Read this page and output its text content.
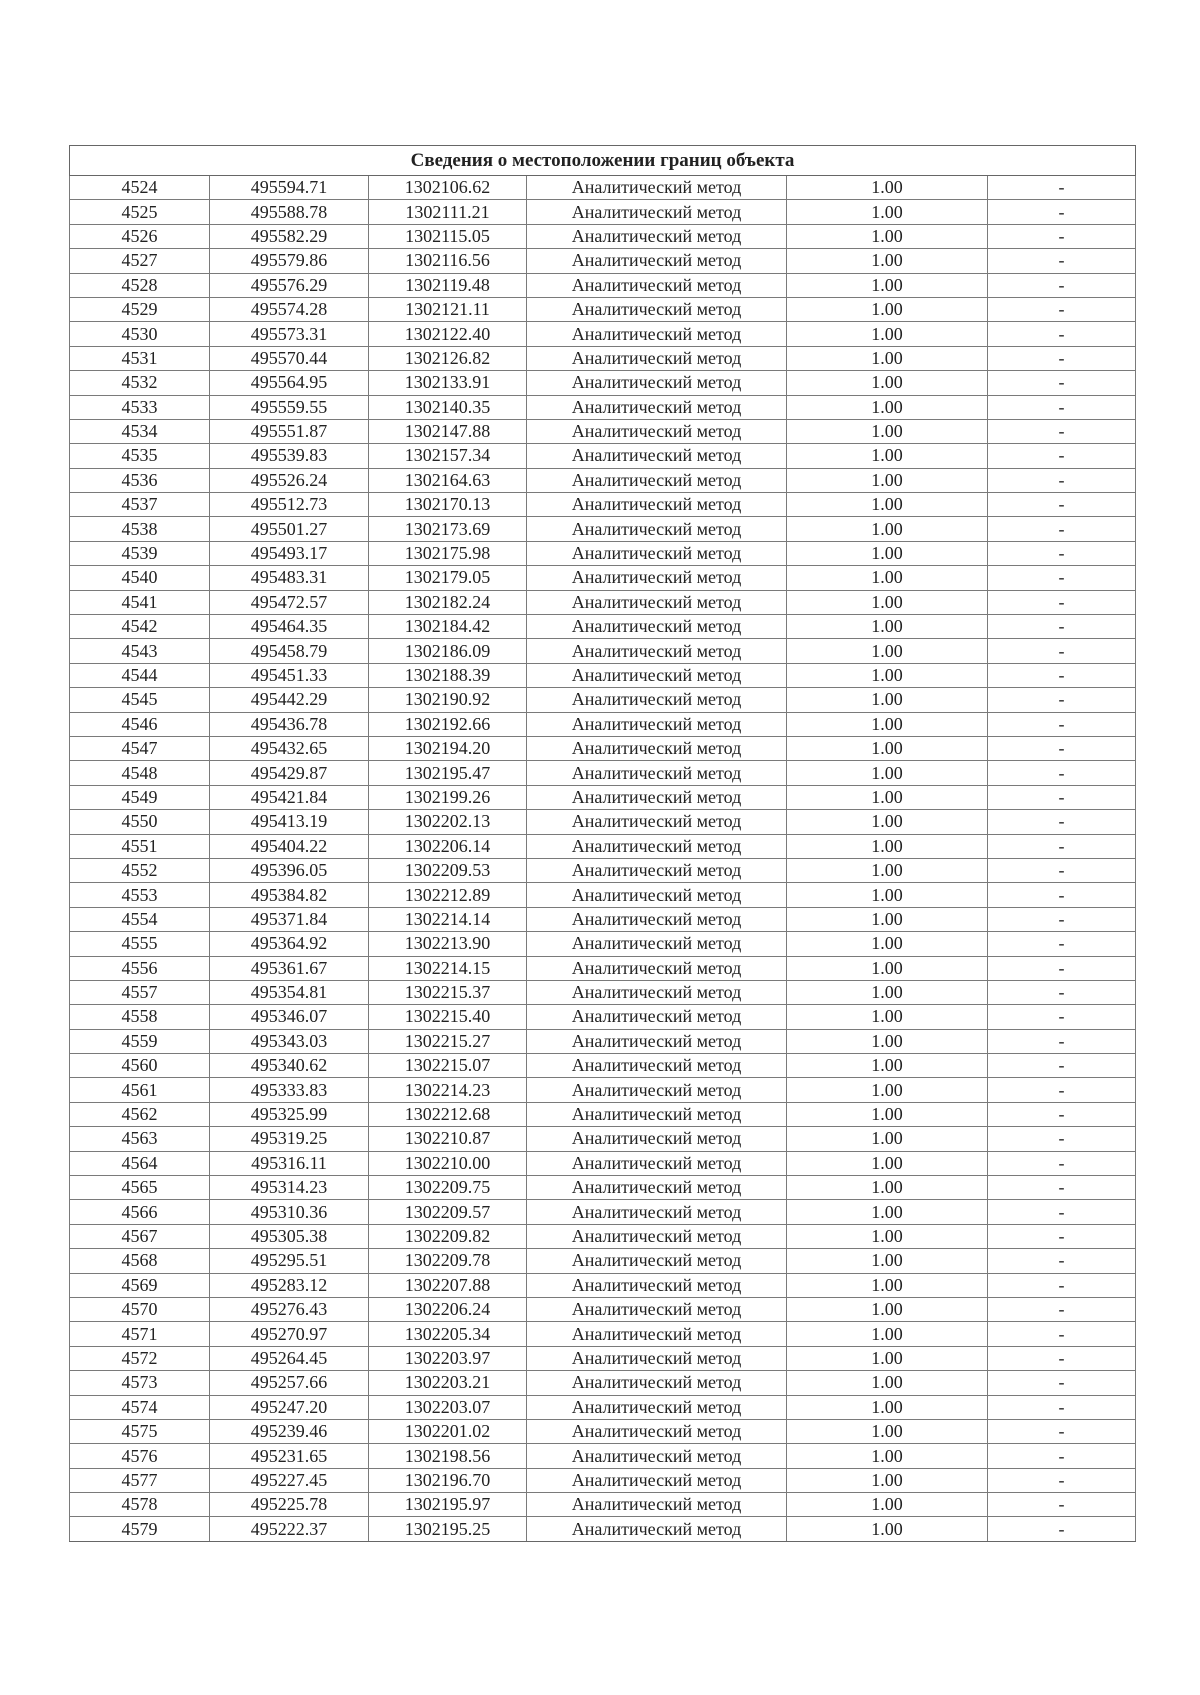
Сведения о местоположении границ объекта					
4524	495594.71	1302106.62	Аналитический метод	1.00	-
4525	495588.78	1302111.21	Аналитический метод	1.00	-
4526	495582.29	1302115.05	Аналитический метод	1.00	-
4527	495579.86	1302116.56	Аналитический метод	1.00	-
4528	495576.29	1302119.48	Аналитический метод	1.00	-
4529	495574.28	1302121.11	Аналитический метод	1.00	-
4530	495573.31	1302122.40	Аналитический метод	1.00	-
4531	495570.44	1302126.82	Аналитический метод	1.00	-
4532	495564.95	1302133.91	Аналитический метод	1.00	-
4533	495559.55	1302140.35	Аналитический метод	1.00	-
4534	495551.87	1302147.88	Аналитический метод	1.00	-
4535	495539.83	1302157.34	Аналитический метод	1.00	-
4536	495526.24	1302164.63	Аналитический метод	1.00	-
4537	495512.73	1302170.13	Аналитический метод	1.00	-
4538	495501.27	1302173.69	Аналитический метод	1.00	-
4539	495493.17	1302175.98	Аналитический метод	1.00	-
4540	495483.31	1302179.05	Аналитический метод	1.00	-
4541	495472.57	1302182.24	Аналитический метод	1.00	-
4542	495464.35	1302184.42	Аналитический метод	1.00	-
4543	495458.79	1302186.09	Аналитический метод	1.00	-
4544	495451.33	1302188.39	Аналитический метод	1.00	-
4545	495442.29	1302190.92	Аналитический метод	1.00	-
4546	495436.78	1302192.66	Аналитический метод	1.00	-
4547	495432.65	1302194.20	Аналитический метод	1.00	-
4548	495429.87	1302195.47	Аналитический метод	1.00	-
4549	495421.84	1302199.26	Аналитический метод	1.00	-
4550	495413.19	1302202.13	Аналитический метод	1.00	-
4551	495404.22	1302206.14	Аналитический метод	1.00	-
4552	495396.05	1302209.53	Аналитический метод	1.00	-
4553	495384.82	1302212.89	Аналитический метод	1.00	-
4554	495371.84	1302214.14	Аналитический метод	1.00	-
4555	495364.92	1302213.90	Аналитический метод	1.00	-
4556	495361.67	1302214.15	Аналитический метод	1.00	-
4557	495354.81	1302215.37	Аналитический метод	1.00	-
4558	495346.07	1302215.40	Аналитический метод	1.00	-
4559	495343.03	1302215.27	Аналитический метод	1.00	-
4560	495340.62	1302215.07	Аналитический метод	1.00	-
4561	495333.83	1302214.23	Аналитический метод	1.00	-
4562	495325.99	1302212.68	Аналитический метод	1.00	-
4563	495319.25	1302210.87	Аналитический метод	1.00	-
4564	495316.11	1302210.00	Аналитический метод	1.00	-
4565	495314.23	1302209.75	Аналитический метод	1.00	-
4566	495310.36	1302209.57	Аналитический метод	1.00	-
4567	495305.38	1302209.82	Аналитический метод	1.00	-
4568	495295.51	1302209.78	Аналитический метод	1.00	-
4569	495283.12	1302207.88	Аналитический метод	1.00	-
4570	495276.43	1302206.24	Аналитический метод	1.00	-
4571	495270.97	1302205.34	Аналитический метод	1.00	-
4572	495264.45	1302203.97	Аналитический метод	1.00	-
4573	495257.66	1302203.21	Аналитический метод	1.00	-
4574	495247.20	1302203.07	Аналитический метод	1.00	-
4575	495239.46	1302201.02	Аналитический метод	1.00	-
4576	495231.65	1302198.56	Аналитический метод	1.00	-
4577	495227.45	1302196.70	Аналитический метод	1.00	-
4578	495225.78	1302195.97	Аналитический метод	1.00	-
4579	495222.37	1302195.25	Аналитический метод	1.00	-
